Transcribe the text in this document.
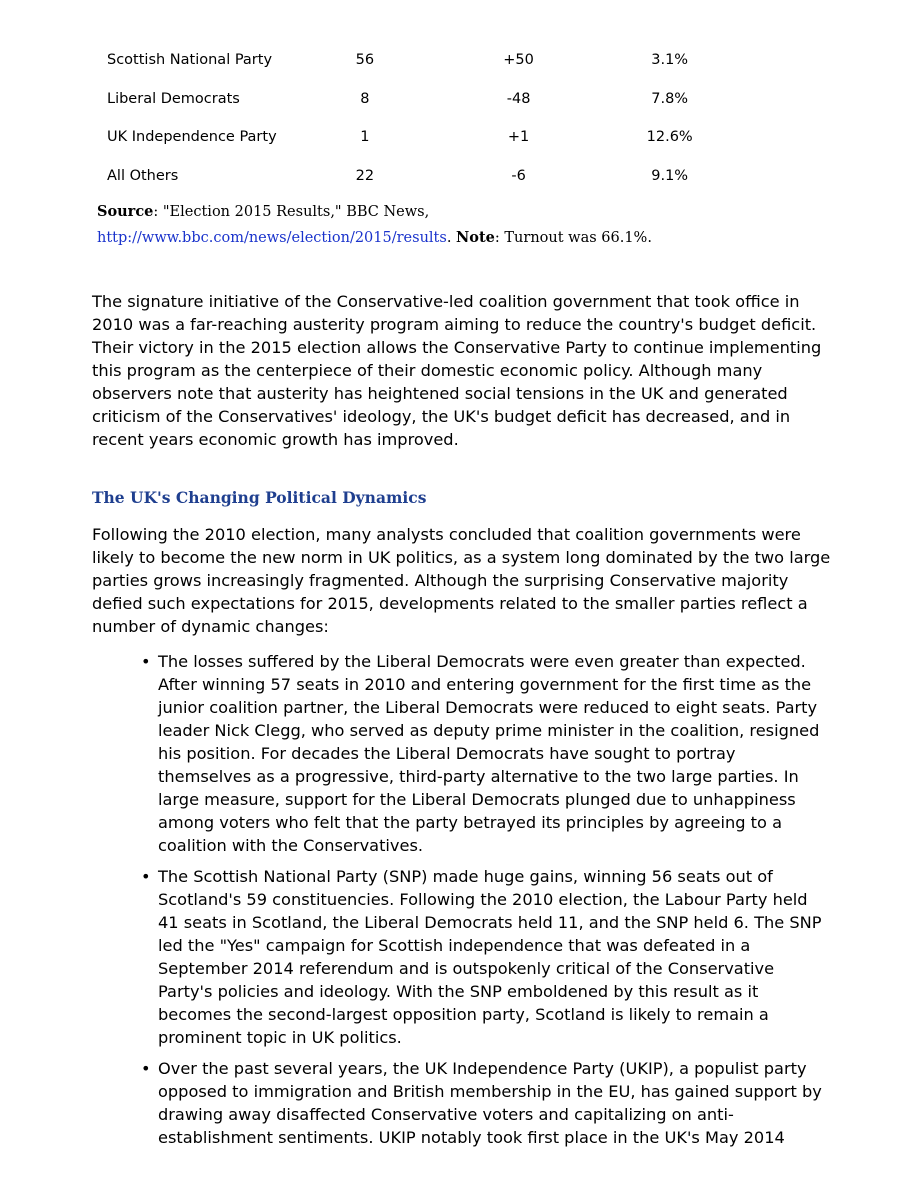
Scottish National Party	56	+50	3.1%
Liberal Democrats	8	-48	7.8%
UK Independence Party	1	+1	12.6%
All Others	22	-6	9.1%
Source: "Election 2015 Results," BBC News,
http://www.bbc.com/news/election/2015/results. Note: Turnout was 66.1%.

The signature initiative of the Conservative-led coalition government that took office in 2010 was a far-reaching austerity program aiming to reduce the country's budget deficit. Their victory in the 2015 election allows the Conservative Party to continue implementing this program as the centerpiece of their domestic economic policy. Although many observers note that austerity has heightened social tensions in the UK and generated criticism of the Conservatives' ideology, the UK's budget deficit has decreased, and in recent years economic growth has improved.

The UK's Changing Political Dynamics

Following the 2010 election, many analysts concluded that coalition governments were likely to become the new norm in UK politics, as a system long dominated by the two large parties grows increasingly fragmented. Although the surprising Conservative majority defied such expectations for 2015, developments related to the smaller parties reflect a number of dynamic changes:

• The losses suffered by the Liberal Democrats were even greater than expected. After winning 57 seats in 2010 and entering government for the first time as the junior coalition partner, the Liberal Democrats were reduced to eight seats. Party leader Nick Clegg, who served as deputy prime minister in the coalition, resigned his position. For decades the Liberal Democrats have sought to portray themselves as a progressive, third-party alternative to the two large parties. In large measure, support for the Liberal Democrats plunged due to unhappiness among voters who felt that the party betrayed its principles by agreeing to a coalition with the Conservatives.
• The Scottish National Party (SNP) made huge gains, winning 56 seats out of Scotland's 59 constituencies. Following the 2010 election, the Labour Party held 41 seats in Scotland, the Liberal Democrats held 11, and the SNP held 6. The SNP led the "Yes" campaign for Scottish independence that was defeated in a September 2014 referendum and is outspokenly critical of the Conservative Party's policies and ideology. With the SNP emboldened by this result as it becomes the second-largest opposition party, Scotland is likely to remain a prominent topic in UK politics.
• Over the past several years, the UK Independence Party (UKIP), a populist party opposed to immigration and British membership in the EU, has gained support by drawing away disaffected Conservative voters and capitalizing on anti-establishment sentiments. UKIP notably took first place in the UK's May 2014
